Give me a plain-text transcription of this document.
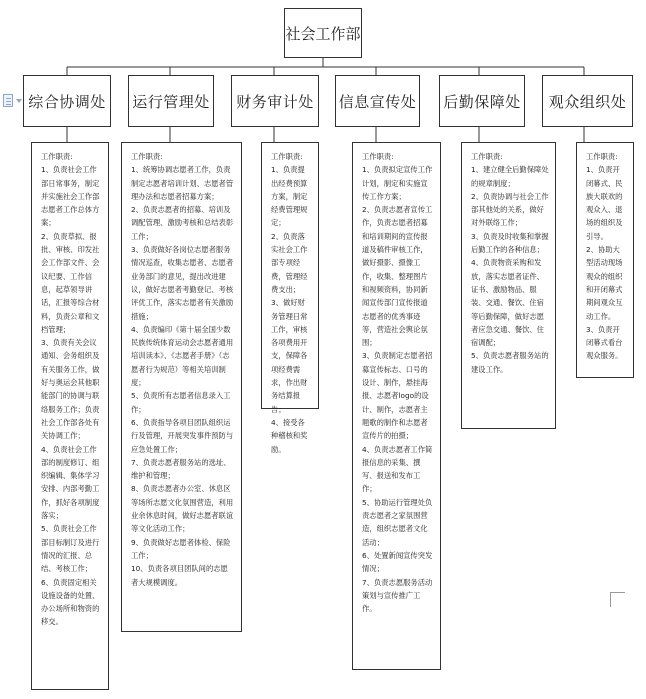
社会工作部
综合协调处	运行管理处	财务审计处	信息宣传处 后勤保障处	观众组织处
工作职责:
1、负责社会工作部日常事务，制定并实施社会工作部志愿者工作总体方案；
2、负责草拟、报批、审核、印发社会工作部文件、会议纪要、工作信息，起草领导讲话，汇报等综合材料，负责公章和文档管理；
3、负责有关会议通知、会务组织及有关服务工作，做好与奥运会其他职能部门的协调与联络服务工作；负责社会工作部各处有关协调工作；
4、负责社会工作部的制度修订、组织编辑、集体学习安排、内部考勤工作，抓好各项制度落实；
5、负责社会工作部目标制订及进行情况的汇报、总结、考核工作；
6、负责固定相关设施设备的处置、办公场所和物资的移交。
工作职责:
1、统筹协调志愿者工作，负责制定志愿者培训计划、志愿者管理办法和志愿者招募方案；
2、负责志愿者的招募、培训及调配管理、激励考核和总结表彰工作；
3、负责做好各岗位志愿者服务情况巡查，收集志愿者、志愿者业务部门的意见，提出改进建议，做好志愿者考勤登记、考核评优工作，落实志愿者有关激励措施；
4、负责编印《第十届全国少数民族传统体育运动会志愿者通用培训读本》、《志愿者手册》（志愿者行为规范）等相关培训制度；
5、负责所有志愿者信息录入工作；
6、负责指导各项目团队组织运行及管理，开展突发事件预防与应急处置工作；
7、负责志愿者服务站的选址、维护和管理；
8、负责志愿者办公室、休息区等场所志愿文化氛围营造，利用业余休息时间，做好志愿者联谊等文化活动工作；
9、负责做好志愿者体检、保险工作；
10、负责各项目团队间的志愿者大规模调度。
工作职责:
1、负责提出经费预算方案，制定经费管理规定；
2、负责落实社会工作部专项经费，管理经费支出；
3、做好财务管理日常工作，审核各项费用开支，保障各项经费需求，作出财务结算报告；
4、接受各种稽核和奖励。
工作职责:
1、负责拟定宣传工作计划，制定和实施宣传工作方案；
2、负责志愿者宣传工作，负责志愿者招募和培训期间的宣传报道及稿件审核工作，做好摄影、摄像工作，收集、整理图片和视频资料，协同新闻宣传部门宣传报道志愿者的优秀事迹等，营造社会舆论氛围；
3、负责制定志愿者招募宣传标志、口号的设计、制作，悬挂海报、志愿者logo的设计、制作，志愿者主题歌的制作和志愿者宣传片的拍摄；
4、负责志愿者工作简报信息的采集、撰写、报送和发布工作；
5、协助运行管理处负责志愿者之家氛围营造，组织志愿者文化活动；
6、处置新闻宣传突发情况；
7、负责志愿服务活动策划与宣传推广工作。
工作职责:
1、建立健全后勤保障处的规章制度；
2、负责协调与社会工作部其他处的关系，做好对外联络工作；
3、负责及时收集和掌握后勤工作的各种信息；
4、负责物资采购和发放，落实志愿者证件、证书、激励物品、服装、交通、餐饮、住宿等后勤保障，做好志愿者应急交通、餐饮、住宿调配；
5、负责志愿者服务站的建设工作。
工作职责:
1、负责开闭幕式、民族大联欢的观众入、退场的组织及引导。
2、协助大型活动现场观众的组织和开闭幕式期间观众互动工作。
3、负责开闭幕式看台观众服务。
